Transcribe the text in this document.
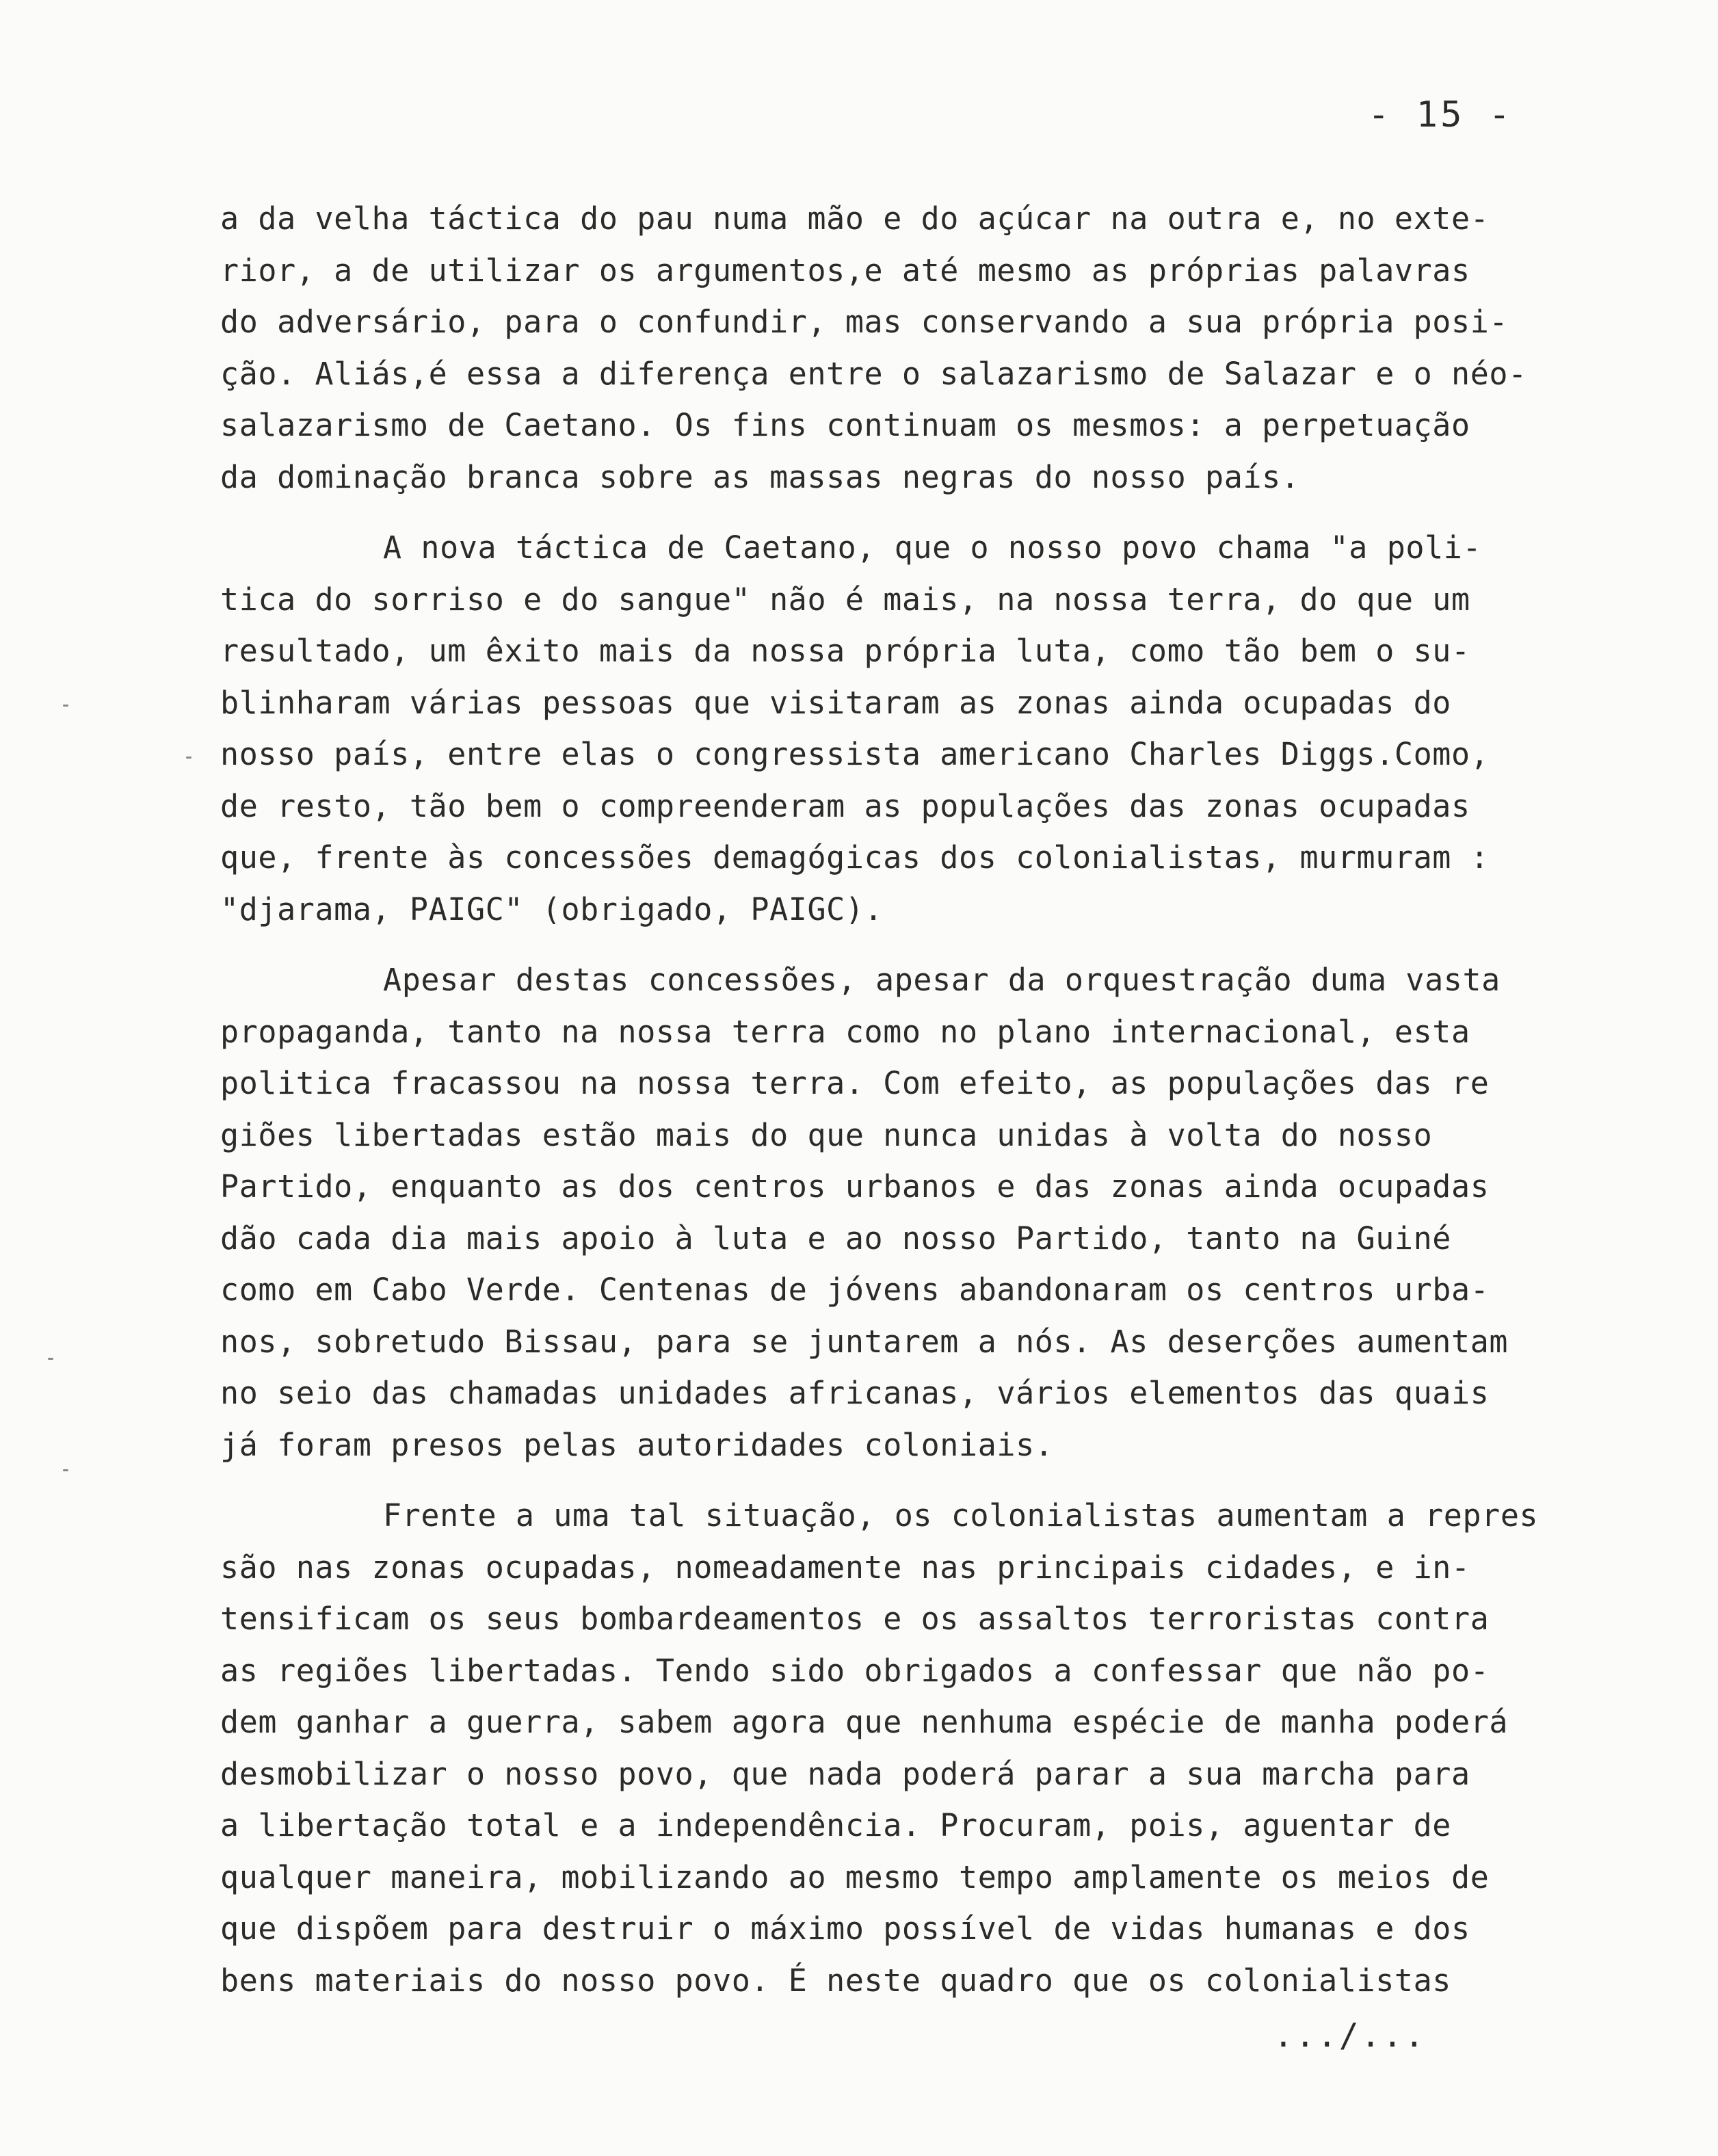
- 15 -
a da velha táctica do pau numa mão e do açúcar na outra e, no exte-
rior, a de utilizar os argumentos,e até mesmo as próprias palavras
do adversário, para o confundir, mas conservando a sua própria posi-
ção. Aliás,é essa a diferença entre o salazarismo de Salazar e o néo-
salazarismo de Caetano. Os fins continuam os mesmos: a perpetuação
da dominação branca sobre as massas negras do nosso país.
A nova táctica de Caetano, que o nosso povo chama "a poli-
tica do sorriso e do sangue" não é mais, na nossa terra, do que um
resultado, um êxito mais da nossa própria luta, como tão bem o su-
blinharam várias pessoas que visitaram as zonas ainda ocupadas do
nosso país, entre elas o congressista americano Charles Diggs.Como,
de resto, tão bem o compreenderam as populações das zonas ocupadas
que, frente às concessões demagógicas dos colonialistas, murmuram :
"djarama, PAIGC" (obrigado, PAIGC).
Apesar destas concessões, apesar da orquestração duma vasta
propaganda, tanto na nossa terra como no plano internacional, esta
politica fracassou na nossa terra. Com efeito, as populações das re
giões libertadas estão mais do que nunca unidas à volta do nosso
Partido, enquanto as dos centros urbanos e das zonas ainda ocupadas
dão cada dia mais apoio à luta e ao nosso Partido, tanto na Guiné
como em Cabo Verde. Centenas de jóvens abandonaram os centros urba-
nos, sobretudo Bissau, para se juntarem a nós. As deserções aumentam
no seio das chamadas unidades africanas, vários elementos das quais
já foram presos pelas autoridades coloniais.
Frente a uma tal situação, os colonialistas aumentam a repres
são nas zonas ocupadas, nomeadamente nas principais cidades, e in-
tensificam os seus bombardeamentos e os assaltos terroristas contra
as regiões libertadas. Tendo sido obrigados a confessar que não po-
dem ganhar a guerra, sabem agora que nenhuma espécie de manha poderá
desmobilizar o nosso povo, que nada poderá parar a sua marcha para
a libertação total e a independência. Procuram, pois, aguentar de
qualquer maneira, mobilizando ao mesmo tempo amplamente os meios de
que dispõem para destruir o máximo possível de vidas humanas e dos
bens materiais do nosso povo. É neste quadro que os colonialistas
.../...
